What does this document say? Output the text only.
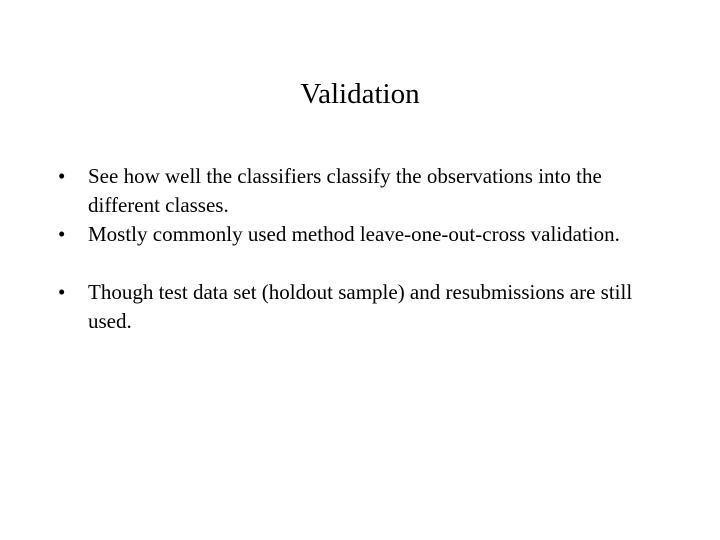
Validation
•	See how well the classifiers classify the observations into the different classes.
•	Mostly commonly used method leave-one-out-cross validation.
•	Though test data set (holdout sample) and resubmissions are still used.
